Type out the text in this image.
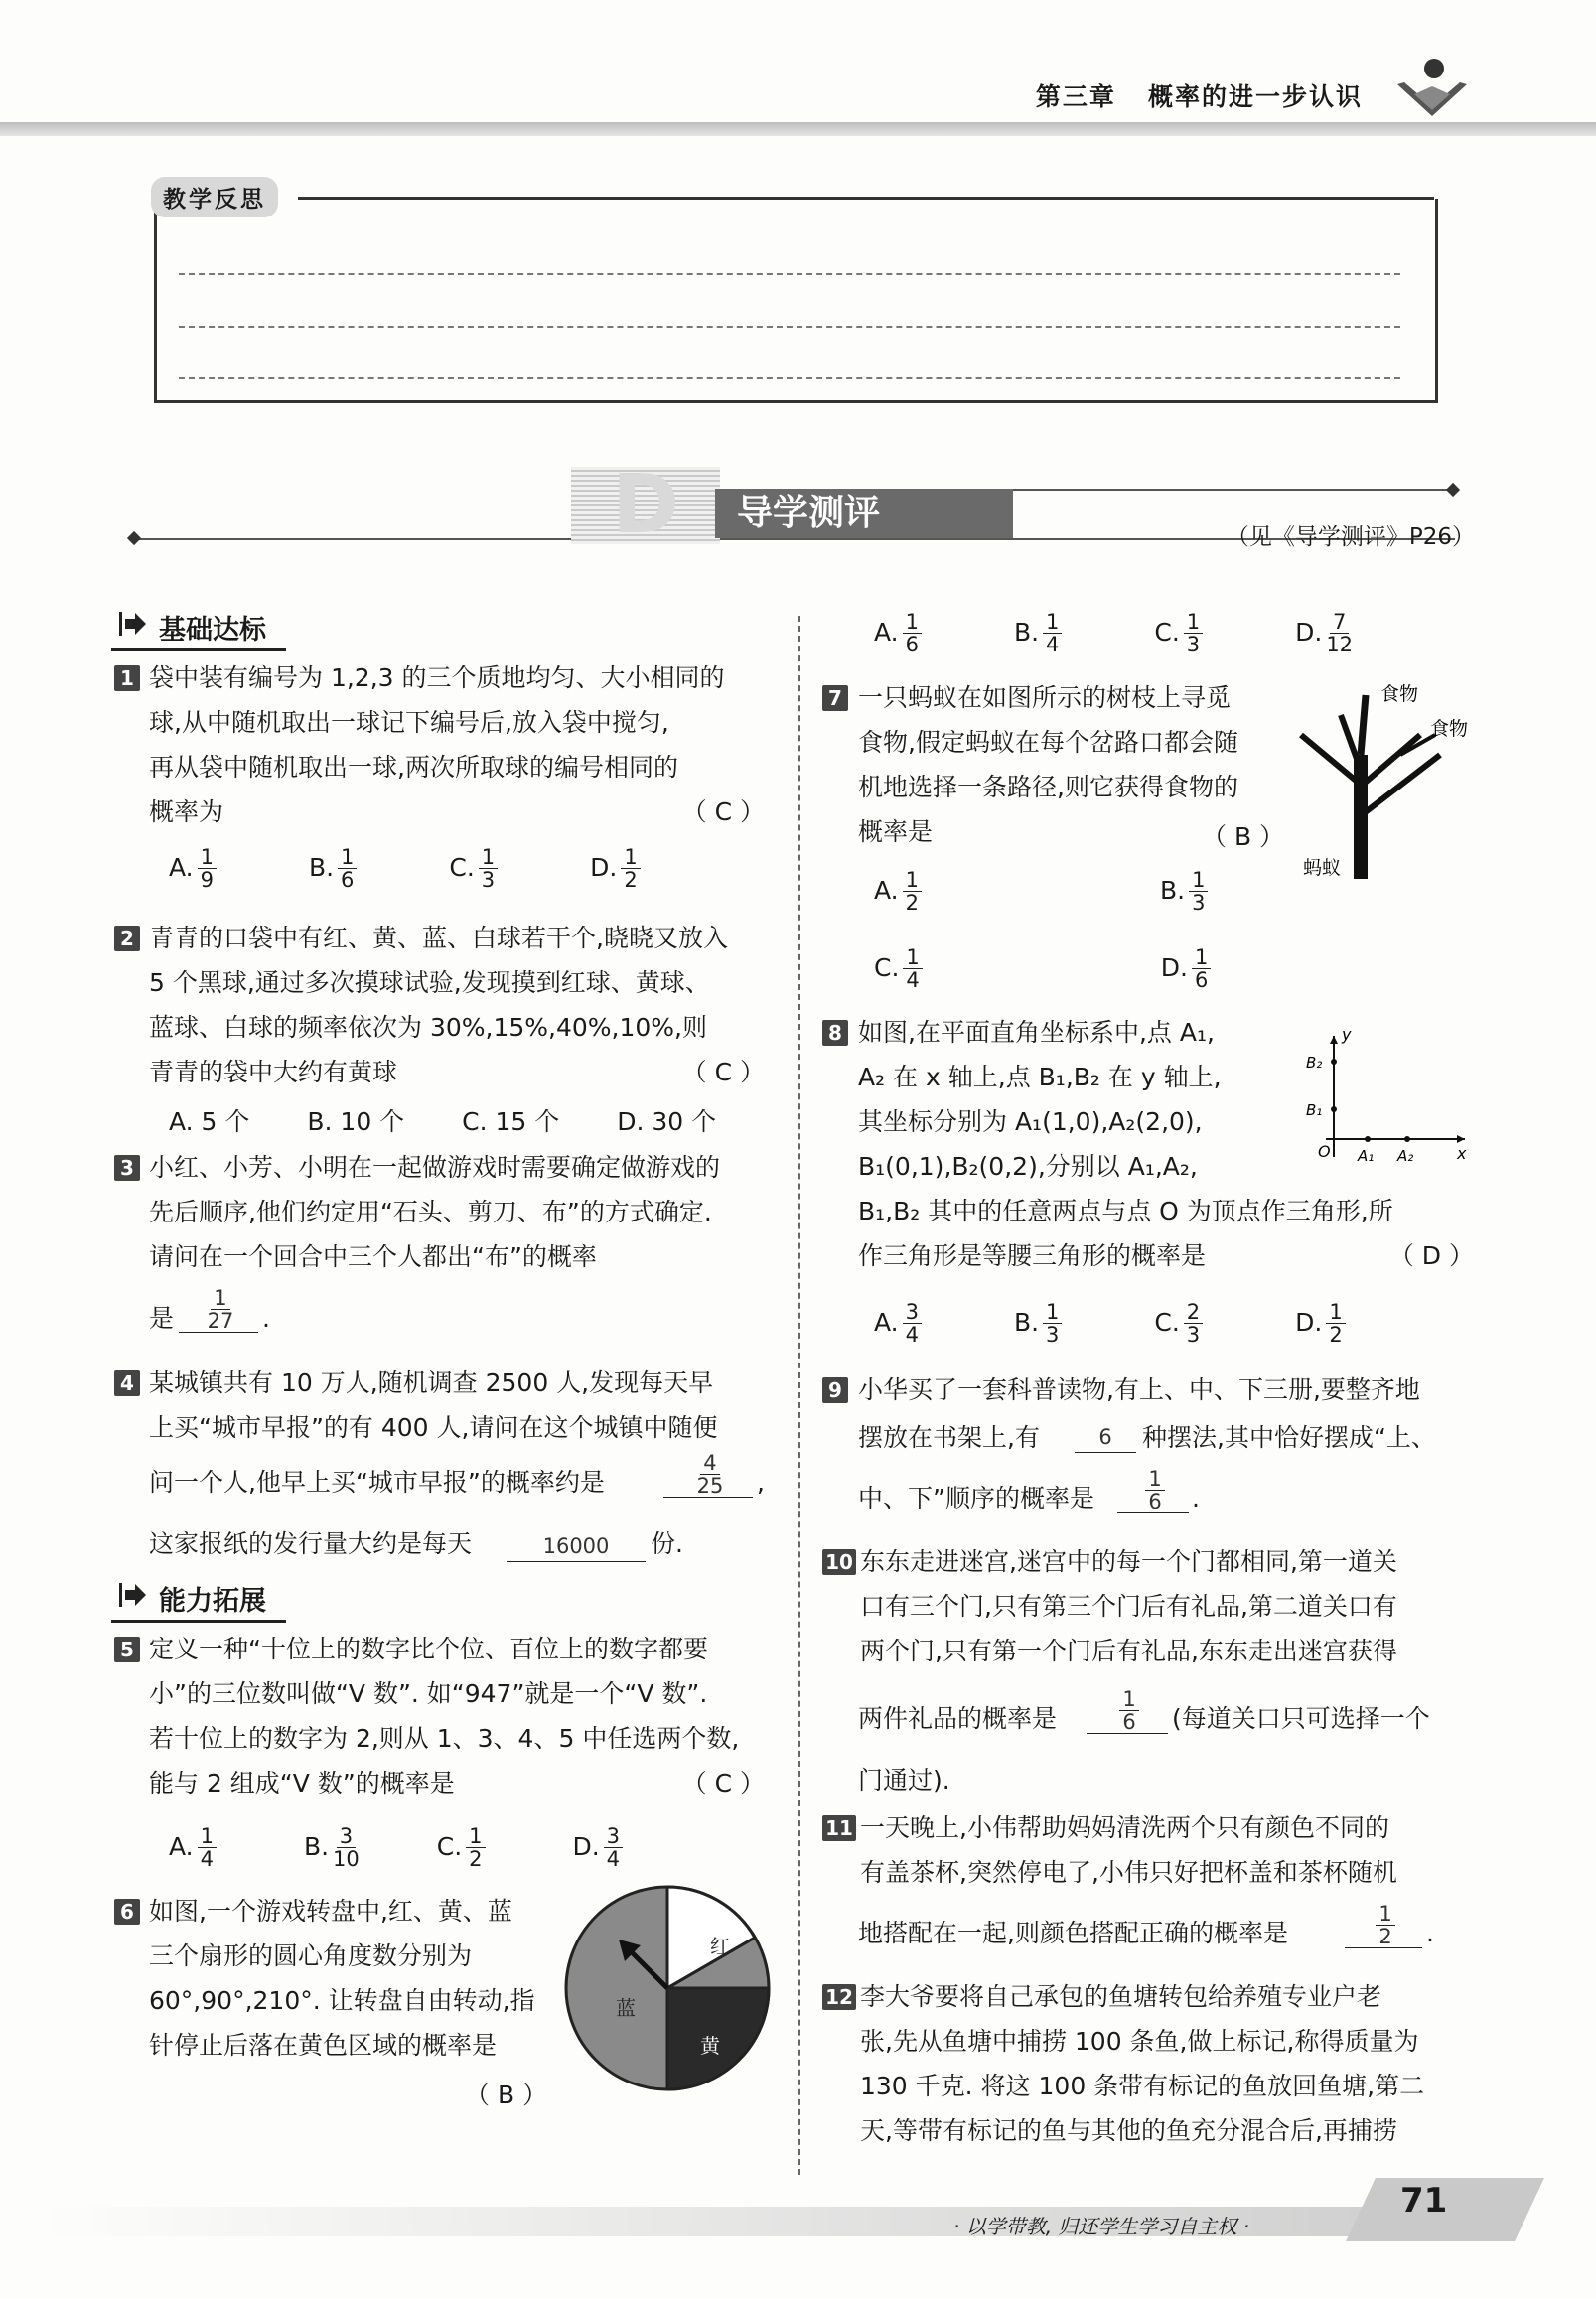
第三章 概率的进一步认识
教学反思
D	导学测评
（见《导学测评》P26）
基础达标
1 袋中装有编号为 1,2,3 的三个质地均匀、大小相同的
球,从中随机取出一球记下编号后,放入袋中搅匀,
再从袋中随机取出一球,两次所取球的编号相同的
概率为	（ C ）
A. $\frac{1}{9}$	B. $\frac{1}{6}$	C. $\frac{1}{3}$	D. $\frac{1}{2}$
2 青青的口袋中有红、黄、蓝、白球若干个,晓晓又放入
5 个黑球,通过多次摸球试验,发现摸到红球、黄球、
蓝球、白球的频率依次为 30%,15%,40%,10%,则
青青的袋中大约有黄球	（ C ）
A. 5 个 B. 10 个 C. 15 个 D. 30 个
3 小红、小芳、小明在一起做游戏时需要确定做游戏的
先后顺序,他们约定用“石头、剪刀、布”的方式确定.
请问在一个回合中三个人都出“布”的概率
是 $\frac{1}{27}$ .
4 某城镇共有 10 万人,随机调查 2500 人,发现每天早
上买“城市早报”的有 400 人,请问在这个城镇中随便
问一个人,他早上买“城市早报”的概率约是	$\frac{4}{25}$ ,
这家报纸的发行量大约是每天	16000	份.
能力拓展
5 定义一种“十位上的数字比个位、百位上的数字都要
小”的三位数叫做“V 数”. 如“947”就是一个“V 数”.
若十位上的数字为 2,则从 1、3、4、5 中任选两个数,
能与 2 组成“V 数”的概率是	（ C ）
A. $\frac{1}{4}$	B. $\frac{3}{10}$	C. $\frac{1}{2}$	D. $\frac{3}{4}$
6 如图,一个游戏转盘中,红、黄、蓝
三个扇形的圆心角度数分别为
60°,90°,210°. 让转盘自由转动,指
针停止后落在黄色区域的概率是
（ B ）
红
黄
蓝
A. $\frac{1}{6}$	B. $\frac{1}{4}$	C. $\frac{1}{3}$	D. $\frac{7}{12}$
7 一只蚂蚁在如图所示的树枝上寻觅
食物,假定蚂蚁在每个岔路口都会随
机地选择一条路径,则它获得食物的
概率是	（ B ）
食物
食物
蚂蚁
A. $\frac{1}{2}$	B. $\frac{1}{3}$
C. $\frac{1}{4}$	D. $\frac{1}{6}$
8 如图,在平面直角坐标系中,点 A₁,
A₂ 在 x 轴上,点 B₁,B₂ 在 y 轴上,
其坐标分别为 A₁(1,0),A₂(2,0),
B₁(0,1),B₂(0,2),分别以 A₁,A₂,
B₁,B₂ 其中的任意两点与点 O 为顶点作三角形,所
作三角形是等腰三角形的概率是	（ D ）
y
x
O
B₂
B₁
A₁ A₂
A. $\frac{3}{4}$	B. $\frac{1}{3}$	C. $\frac{2}{3}$	D. $\frac{1}{2}$
9 小华买了一套科普读物,有上、中、下三册,要整齐地
摆放在书架上,有	6	种摆法,其中恰好摆成“上、
中、下”顺序的概率是 $\frac{1}{6}$ .
10 东东走进迷宫,迷宫中的每一个门都相同,第一道关
口有三个门,只有第三个门后有礼品,第二道关口有
两个门,只有第一个门后有礼品,东东走出迷宫获得
两件礼品的概率是	$\frac{1}{6}$ (每道关口只可选择一个
门通过).
11 一天晚上,小伟帮助妈妈清洗两个只有颜色不同的
有盖茶杯,突然停电了,小伟只好把杯盖和茶杯随机
地搭配在一起,则颜色搭配正确的概率是	$\frac{1}{2}$ .
12 李大爷要将自己承包的鱼塘转包给养殖专业户老
张,先从鱼塘中捕捞 100 条鱼,做上标记,称得质量为
130 千克. 将这 100 条带有标记的鱼放回鱼塘,第二
天,等带有标记的鱼与其他的鱼充分混合后,再捕捞
· 以学带教, 归还学生学习自主权 ·
71
